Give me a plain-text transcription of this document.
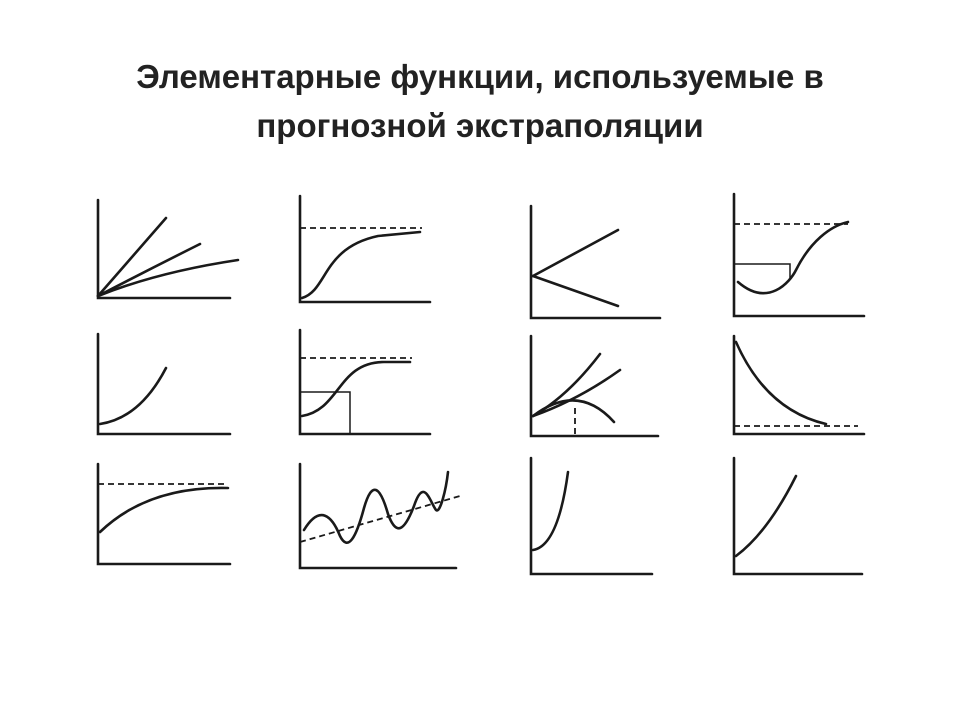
Элементарные функции, используемые в прогнозной экстраполяции
